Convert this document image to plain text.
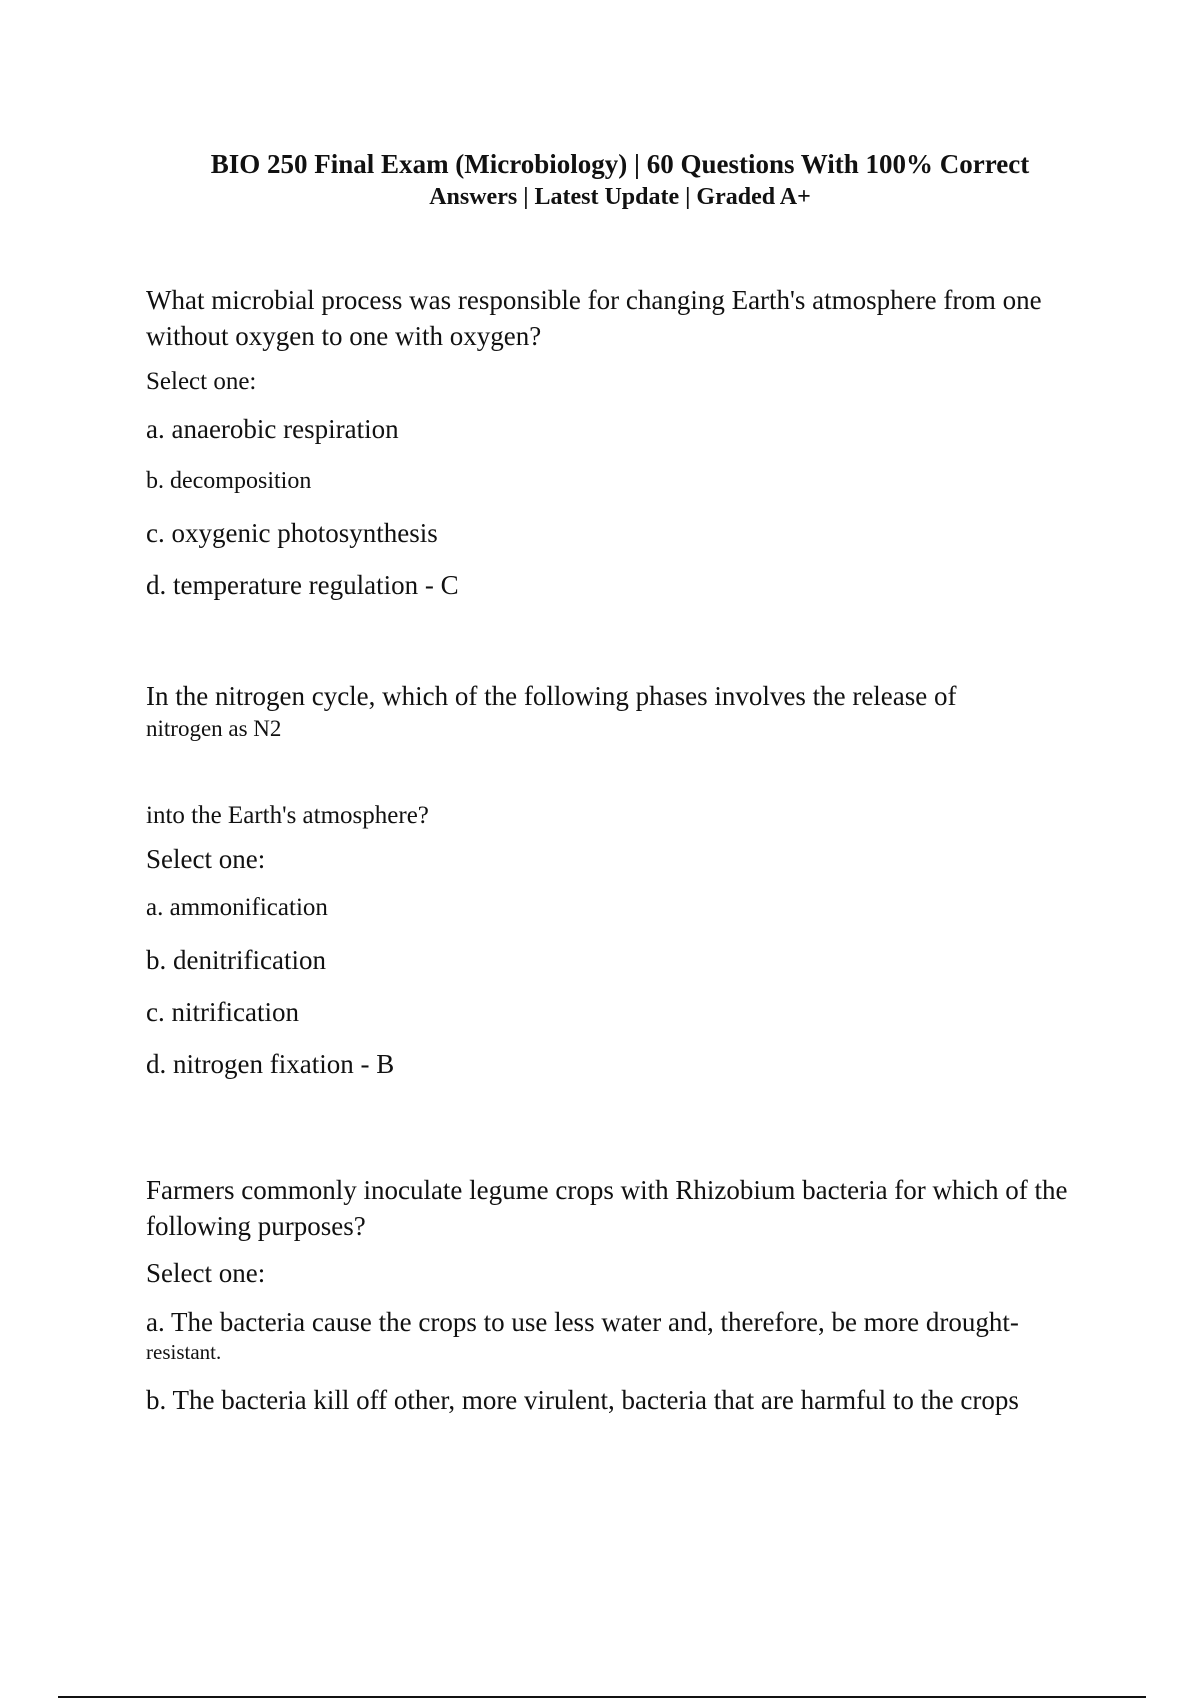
BIO 250 Final Exam (Microbiology) | 60 Questions With 100% Correct
Answers | Latest Update | Graded A+

What microbial process was responsible for changing Earth's atmosphere from one without oxygen to one with oxygen?

Select one:

a. anaerobic respiration

b. decomposition

c. oxygenic photosynthesis

d. temperature regulation - C

In the nitrogen cycle, which of the following phases involves the release of

nitrogen as N2

into the Earth's atmosphere?

Select one:

a. ammonification

b. denitrification

c. nitrification

d. nitrogen fixation - B

Farmers commonly inoculate legume crops with Rhizobium bacteria for which of the following purposes?

Select one:

a. The bacteria cause the crops to use less water and, therefore, be more drought-

resistant.

b. The bacteria kill off other, more virulent, bacteria that are harmful to the crops
